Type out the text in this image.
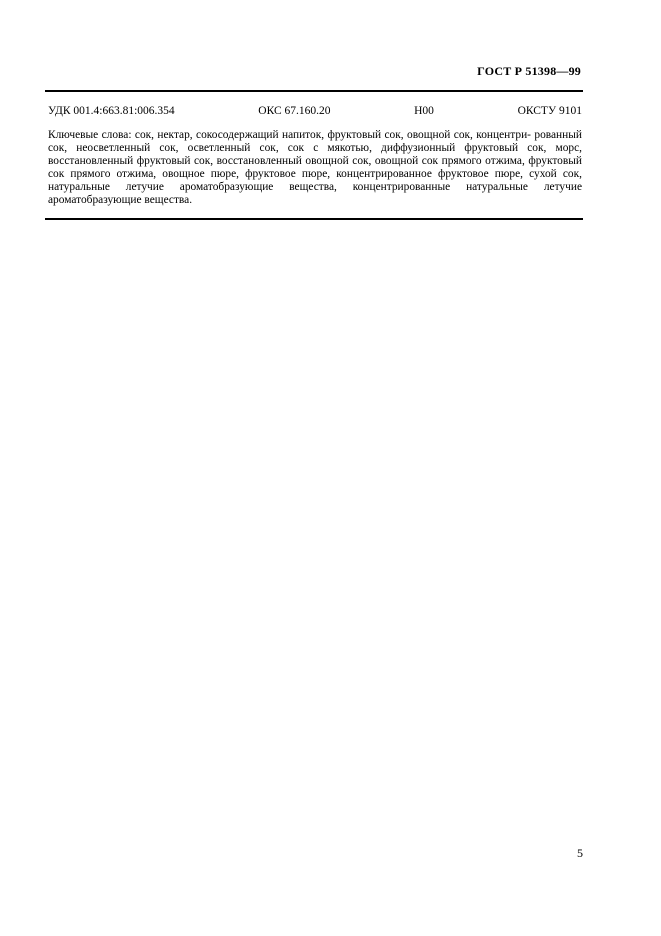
ГОСТ Р 51398—99
УДК 001.4:663.81:006.354	ОКС 67.160.20	Н00	ОКСТУ 9101
Ключевые слова: сок, нектар, сокосодержащий напиток, фруктовый сок, овощной сок, концентри- рованный сок, неосветленный сок, осветленный сок, сок с мякотью, диффузионный фруктовый сок, морс, восстановленный фруктовый сок, восстановленный овощной сок, овощной сок прямого отжима, фруктовый сок прямого отжима, овощное пюре, фруктовое пюре, концентрированное фруктовое пюре, сухой сок, натуральные летучие ароматобразующие вещества, концентрированные натуральные летучие ароматобразующие вещества.
5
